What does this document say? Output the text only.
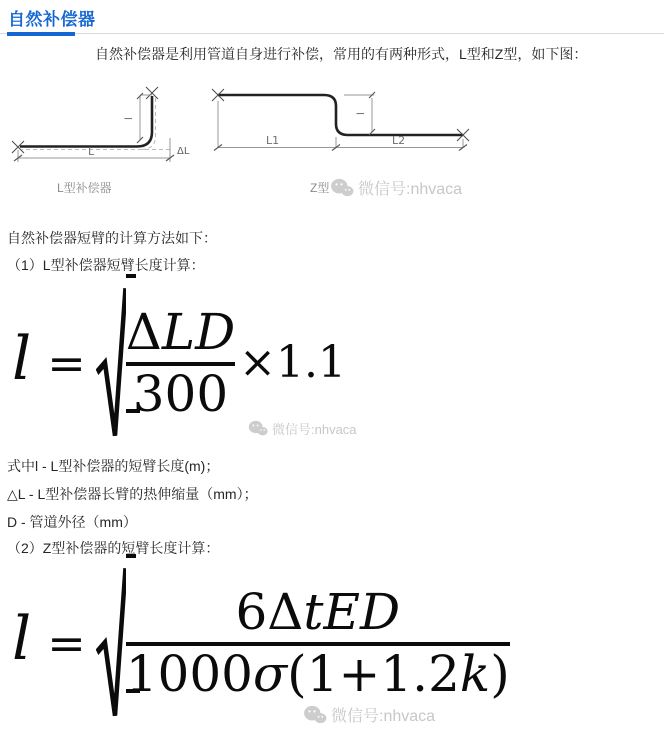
自然补偿器
自然补偿器是利用管道自身进行补偿，常用的有两种形式，L型和Z型，如下图：
L	ΔL
l
L1	L2
l
L型补偿器	Z型 微信号:nhvaca
自然补偿器短臂的计算方法如下：
（1）L型补偿器短臂长度计算：
l =
ΔLD
300
×1.1
微信号:nhvaca
式中l - L型补偿器的短臂长度(m)；
△L - L型补偿器长臂的热伸缩量（mm）；
D - 管道外径（mm）
（2）Z型补偿器的短臂长度计算：
l =
6ΔtED
1000σ(1+1.2k)
微信号:nhvaca
